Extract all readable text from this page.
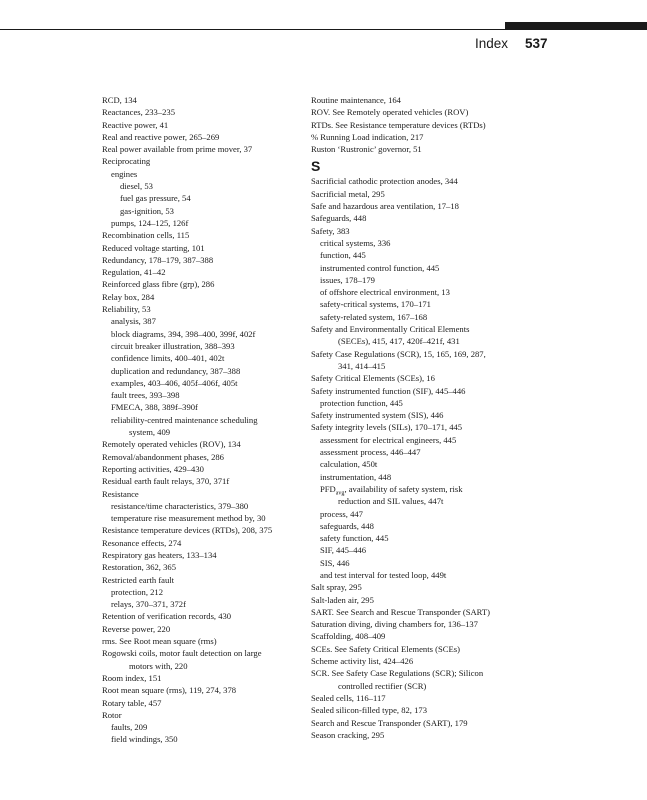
Index 537
RCD, 134
Reactances, 233–235
Reactive power, 41
Real and reactive power, 265–269
Real power available from prime mover, 37
Reciprocating
engines
diesel, 53
fuel gas pressure, 54
gas-ignition, 53
pumps, 124–125, 126f
Recombination cells, 115
Reduced voltage starting, 101
Redundancy, 178–179, 387–388
Regulation, 41–42
Reinforced glass fibre (grp), 286
Relay box, 284
Reliability, 53
analysis, 387
block diagrams, 394, 398–400, 399f, 402f
circuit breaker illustration, 388–393
confidence limits, 400–401, 402t
duplication and redundancy, 387–388
examples, 403–406, 405f–406f, 405t
fault trees, 393–398
FMECA, 388, 389f–390f
reliability-centred maintenance scheduling
system, 409
Remotely operated vehicles (ROV), 134
Removal/abandonment phases, 286
Reporting activities, 429–430
Residual earth fault relays, 370, 371f
Resistance
resistance/time characteristics, 379–380
temperature rise measurement method by, 30
Resistance temperature devices (RTDs), 208, 375
Resonance effects, 274
Respiratory gas heaters, 133–134
Restoration, 362, 365
Restricted earth fault
protection, 212
relays, 370–371, 372f
Retention of verification records, 430
Reverse power, 220
rms. See Root mean square (rms)
Rogowski coils, motor fault detection on large
motors with, 220
Room index, 151
Root mean square (rms), 119, 274, 378
Rotary table, 457
Rotor
faults, 209
field windings, 350
Routine maintenance, 164
ROV. See Remotely operated vehicles (ROV)
RTDs. See Resistance temperature devices (RTDs)
% Running Load indication, 217
Ruston ‘Rustronic’ governor, 51
S
Sacrificial cathodic protection anodes, 344
Sacrificial metal, 295
Safe and hazardous area ventilation, 17–18
Safeguards, 448
Safety, 383
critical systems, 336
function, 445
instrumented control function, 445
issues, 178–179
of offshore electrical environment, 13
safety-critical systems, 170–171
safety-related system, 167–168
Safety and Environmentally Critical Elements
(SECEs), 415, 417, 420f–421f, 431
Safety Case Regulations (SCR), 15, 165, 169, 287,
341, 414–415
Safety Critical Elements (SCEs), 16
Safety instrumented function (SIF), 445–446
protection function, 445
Safety instrumented system (SIS), 446
Safety integrity levels (SILs), 170–171, 445
assessment for electrical engineers, 445
assessment process, 446–447
calculation, 450t
instrumentation, 448
$PFD_{avg}$, availability of safety system, risk
reduction and SIL values, 447t
process, 447
safeguards, 448
safety function, 445
SIF, 445–446
SIS, 446
and test interval for tested loop, 449t
Salt spray, 295
Salt-laden air, 295
SART. See Search and Rescue Transponder (SART)
Saturation diving, diving chambers for, 136–137
Scaffolding, 408–409
SCEs. See Safety Critical Elements (SCEs)
Scheme activity list, 424–426
SCR. See Safety Case Regulations (SCR); Silicon
controlled rectifier (SCR)
Sealed cells, 116–117
Sealed silicon-filled type, 82, 173
Search and Rescue Transponder (SART), 179
Season cracking, 295
